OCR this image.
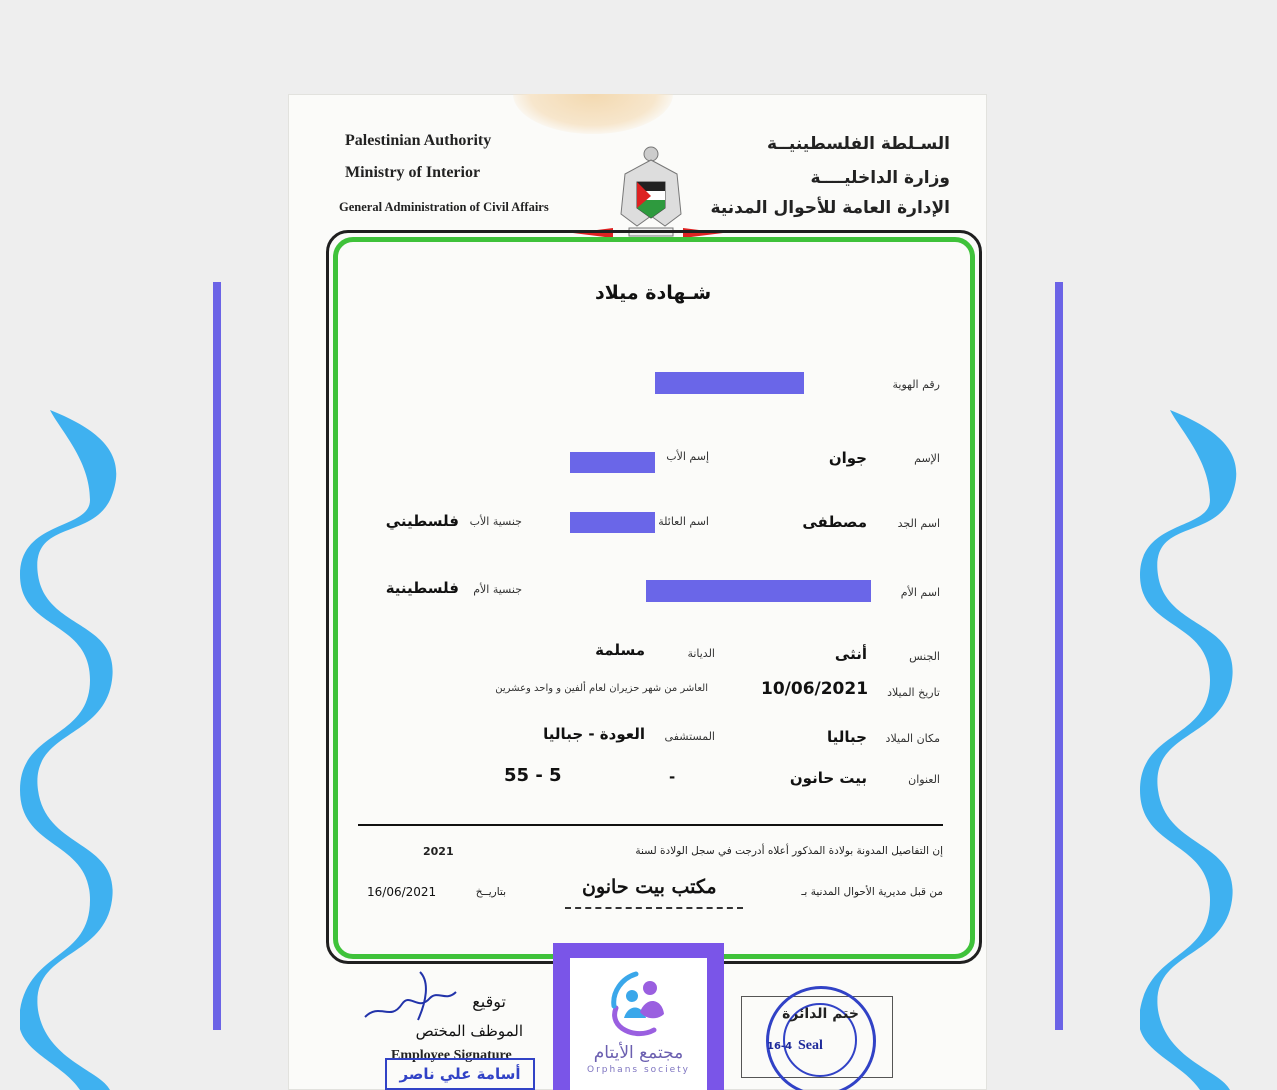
Palestinian Authority
Ministry of Interior
General Administration of Civil Affairs
السـلطة الفلسطينيــة
وزارة الداخليــــة
الإدارة العامة للأحوال المدنية
شـهادة ميلاد
رقم الهوية
الإسم
جوان
إسم الأب
اسم الجد
مصطفى
اسم العائلة
جنسية الأب
فلسطيني
اسم الأم
جنسية الأم
فلسطينية
الجنس
أنثى
الديانة
مسلمة
تاريخ الميلاد
10/06/2021
العاشر من شهر حزيران لعام ألفين و واحد وعشرين
مكان الميلاد
جباليا
المستشفى
العودة - جباليا
العنوان
بيت حانون
-
55 - 5
إن التفاصيل المدونة بولادة المذكور أعلاه أدرجت في سجل الولادة لسنة
2021
من قبل مديرية الأحوال المدنية بـ
مكتب بيت حانون
بتاريــخ
16/06/2021
توقيع
الموظف المختص
Employee Signature
أسامة علي ناصر
ختم الدائرة
Seal
16-4
مجتمع الأيتام
Orphans society
